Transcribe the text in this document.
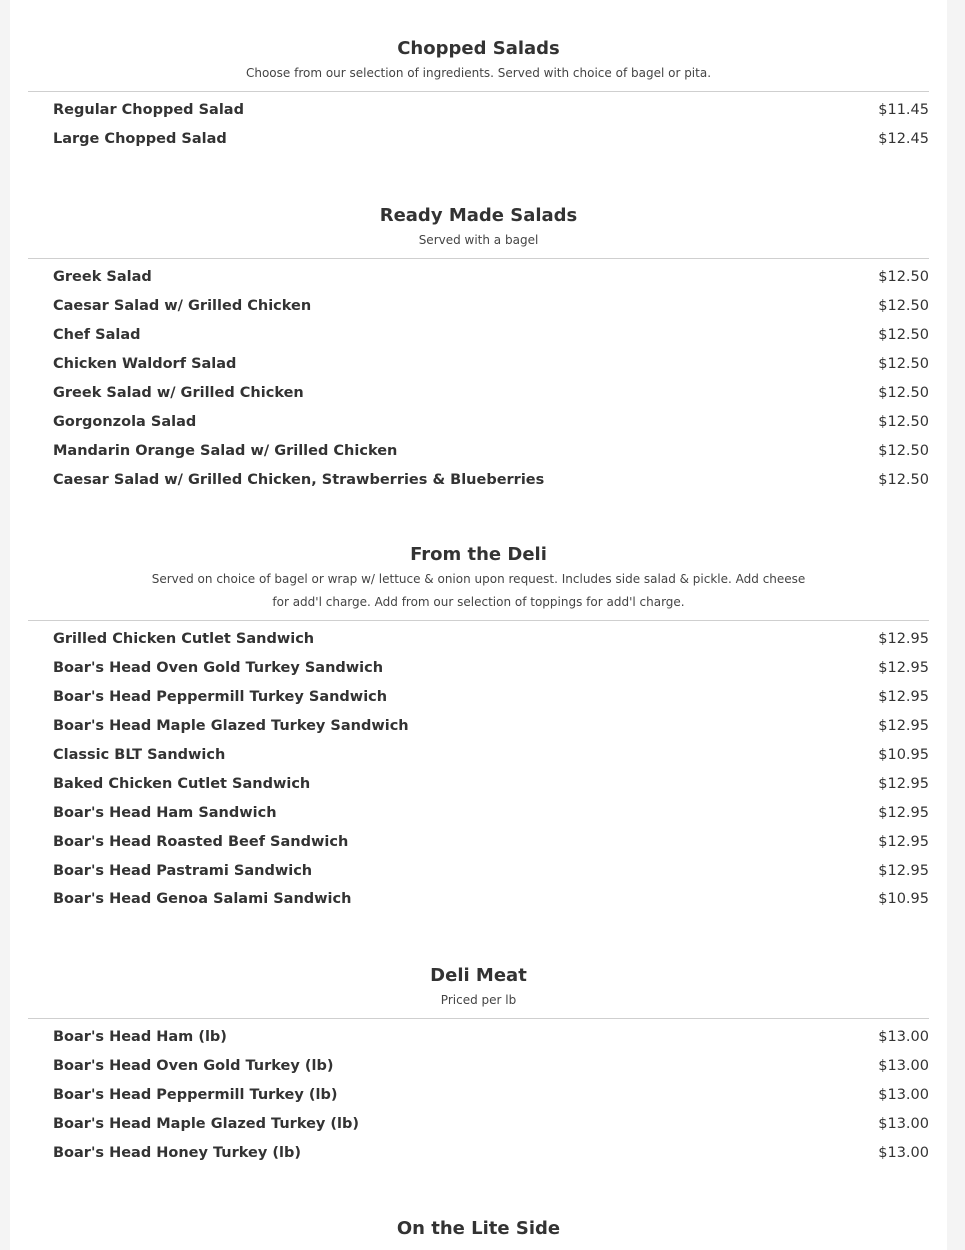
Chopped Salads

Choose from our selection of ingredients. Served with choice of bagel or pita.

Regular Chopped Salad	$11.45
Large Chopped Salad	$12.45
Ready Made Salads

Served with a bagel

Greek Salad	$12.50
Caesar Salad w/ Grilled Chicken	$12.50
Chef Salad	$12.50
Chicken Waldorf Salad	$12.50
Greek Salad w/ Grilled Chicken	$12.50
Gorgonzola Salad	$12.50
Mandarin Orange Salad w/ Grilled Chicken	$12.50
Caesar Salad w/ Grilled Chicken, Strawberries & Blueberries	$12.50
From the Deli

Served on choice of bagel or wrap w/ lettuce & onion upon request. Includes side salad & pickle. Add cheese for add'l charge. Add from our selection of toppings for add'l charge.

Grilled Chicken Cutlet Sandwich	$12.95
Boar's Head Oven Gold Turkey Sandwich	$12.95
Boar's Head Peppermill Turkey Sandwich	$12.95
Boar's Head Maple Glazed Turkey Sandwich	$12.95
Classic BLT Sandwich	$10.95
Baked Chicken Cutlet Sandwich	$12.95
Boar's Head Ham Sandwich	$12.95
Boar's Head Roasted Beef Sandwich	$12.95
Boar's Head Pastrami Sandwich	$12.95
Boar's Head Genoa Salami Sandwich	$10.95
Deli Meat

Priced per lb

Boar's Head Ham (lb)	$13.00
Boar's Head Oven Gold Turkey (lb)	$13.00
Boar's Head Peppermill Turkey (lb)	$13.00
Boar's Head Maple Glazed Turkey (lb)	$13.00
Boar's Head Honey Turkey (lb)	$13.00
On the Lite Side
